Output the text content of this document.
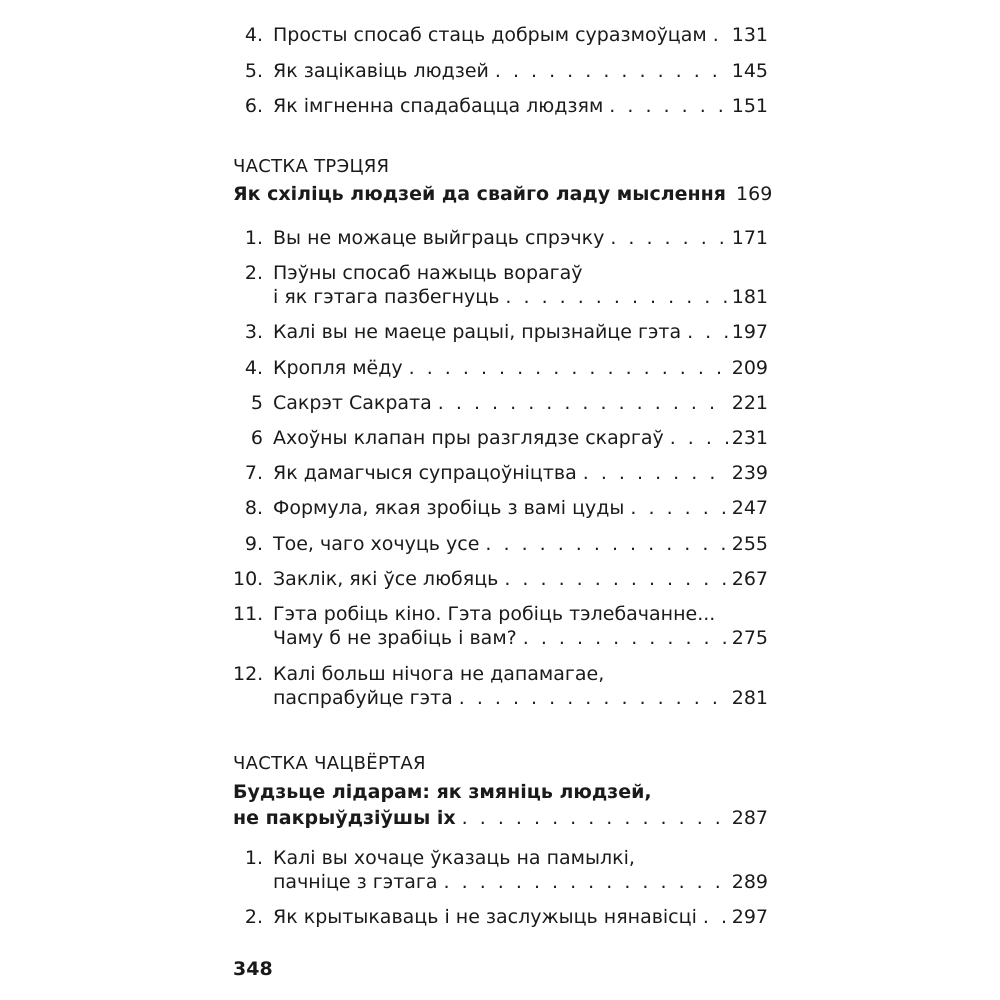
4. Просты спосаб стаць добрым суразмоўцам . . . 131
5. Як зацікавіць людзей . . .	145
6. Як імгненна спадабацца людзям . . .	151
ЧАСТКА ТРЭЦЯЯ
Як схіліць людзей да свайго ладу мыслення 169
1. Вы не можаце выйграць спрэчку . . .	171
2. Пэўны спосаб нажыць ворагаў
і як гэтага пазбегнуць . . .	181
3. Калі вы не маеце рацыі, прызнайце гэта . . .	197
4. Кропля мёду . . .	209
5 Сакрэт Сакрата . . .	221
6 Ахоўны клапан пры разглядзе скаргаў . . .	231
7. Як дамагчыся супрацоўніцтва . . .	239
8. Формула, якая зробіць з вамі цуды . . .	247
9. Тое, чаго хочуць усе . . .	255
10. Заклік, які ўсе любяць . . .	267
11. Гэта робіць кіно. Гэта робіць тэлебачанне...
Чаму б не зрабіць і вам? . . .	275
12. Калі больш нічога не дапамагае,
паспрабуйце гэта . . .	281
ЧАСТКА ЧАЦВЁРТАЯ
Будзьце лідарам: як змяніць людзей,
не пакрыўдзіўшы іх . . .	287
1. Калі вы хочаце ўказаць на памылкі,
пачніце з гэтага . . .	289
2. Як крытыкаваць і не заслужыць нянавісці . . . 297
348
